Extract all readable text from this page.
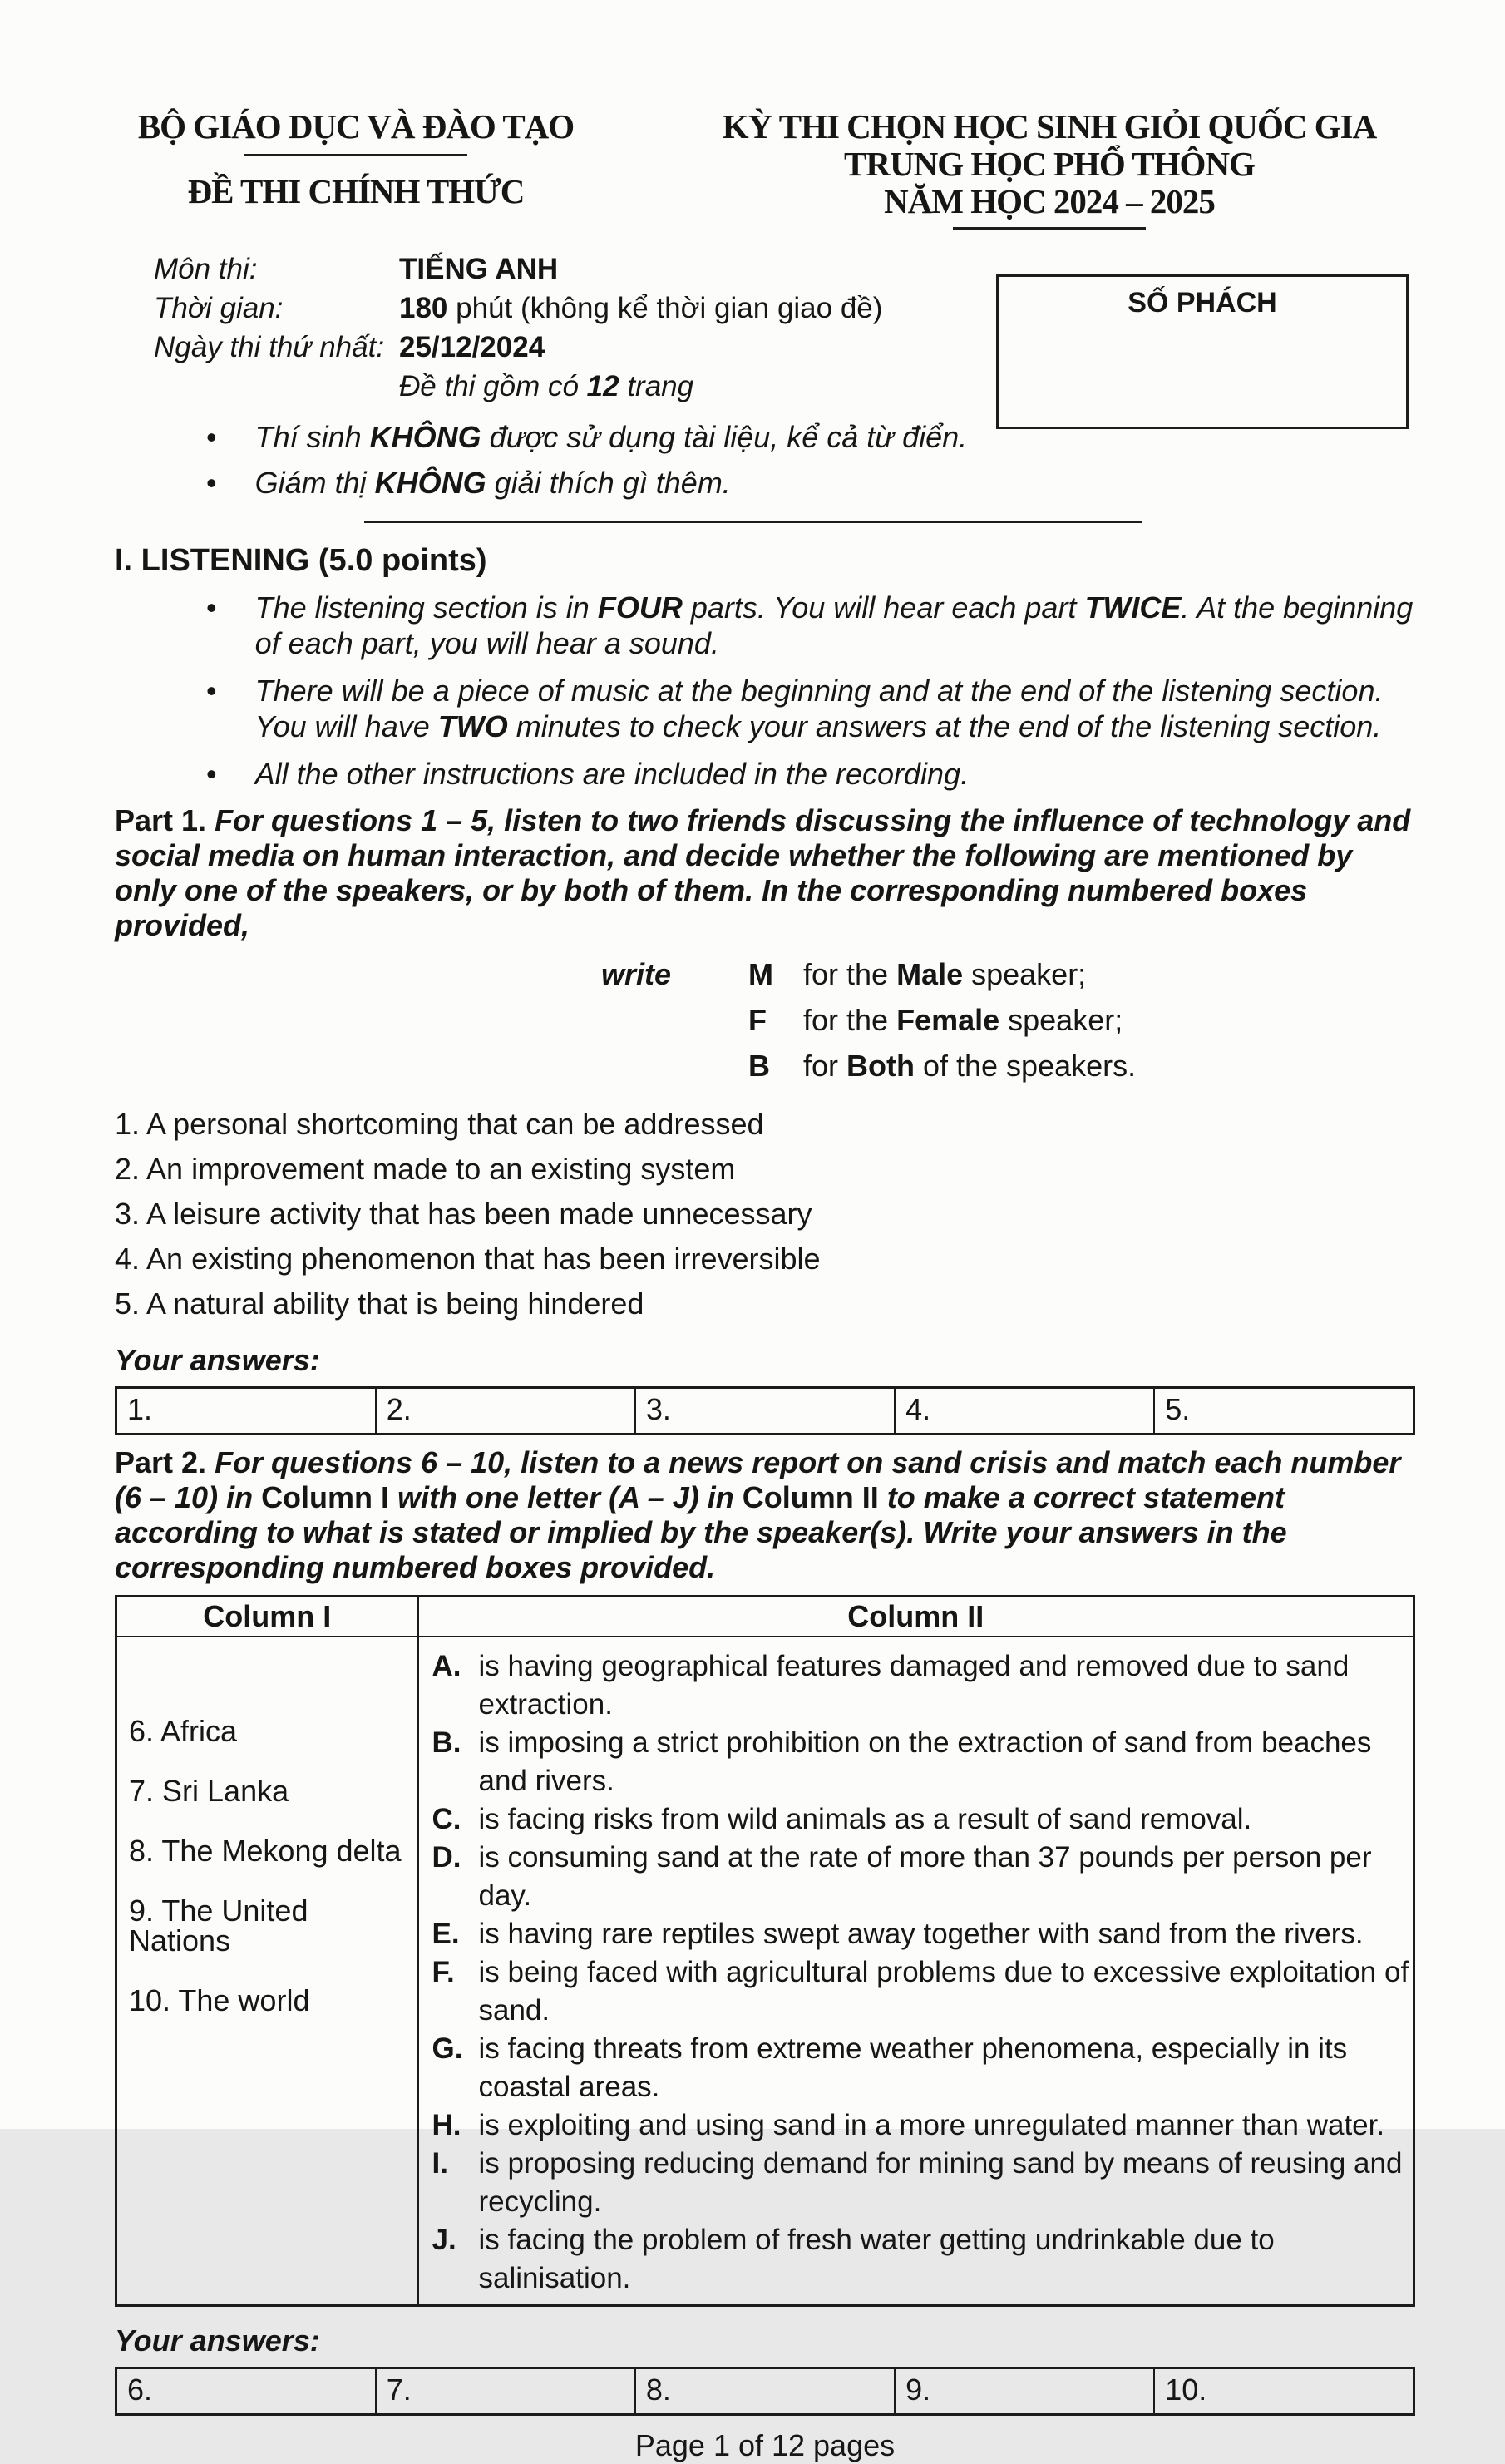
BỘ GIÁO DỤC VÀ ĐÀO TẠO
ĐỀ THI CHÍNH THỨC
KỲ THI CHỌN HỌC SINH GIỎI QUỐC GIA
TRUNG HỌC PHỔ THÔNG
NĂM HỌC 2024 – 2025
Môn thi:	TIẾNG ANH
Thời gian:	180 phút (không kể thời gian giao đề)
Ngày thi thứ nhất: 25/12/2024
Đề thi gồm có 12 trang
SỐ PHÁCH
•	Thí sinh KHÔNG được sử dụng tài liệu, kể cả từ điển.
•	Giám thị KHÔNG giải thích gì thêm.
I. LISTENING (5.0 points)
•	The listening section is in FOUR parts. You will hear each part TWICE. At the beginning of each part, you will hear a sound.
•	There will be a piece of music at the beginning and at the end of the listening section. You will have TWO minutes to check your answers at the end of the listening section.
•	All the other instructions are included in the recording.
Part 1. For questions 1 – 5, listen to two friends discussing the influence of technology and social media on human interaction, and decide whether the following are mentioned by only one of the speakers, or by both of them. In the corresponding numbered boxes provided,
write	M	for the Male speaker;
F	for the Female speaker;
B	for Both of the speakers.
1. A personal shortcoming that can be addressed
2. An improvement made to an existing system
3. A leisure activity that has been made unnecessary
4. An existing phenomenon that has been irreversible
5. A natural ability that is being hindered
Your answers:
1.	2.	3.	4.	5.
Part 2. For questions 6 – 10, listen to a news report on sand crisis and match each number (6 – 10) in Column I with one letter (A – J) in Column II to make a correct statement according to what is stated or implied by the speaker(s). Write your answers in the corresponding numbered boxes provided.
Column I	Column II

6. Africa
7. Sri Lanka
8. The Mekong delta
9. The United Nations
10. The world

A. is having geographical features damaged and removed due to sand extraction.
B. is imposing a strict prohibition on the extraction of sand from beaches and rivers.
C. is facing risks from wild animals as a result of sand removal.
D. is consuming sand at the rate of more than 37 pounds per person per day.
E. is having rare reptiles swept away together with sand from the rivers.
F. is being faced with agricultural problems due to excessive exploitation of sand.
G. is facing threats from extreme weather phenomena, especially in its coastal areas.
H. is exploiting and using sand in a more unregulated manner than water.
I.	is proposing reducing demand for mining sand by means of reusing and recycling.
J. is facing the problem of fresh water getting undrinkable due to salinisation.
Your answers:
6.	7.	8.	9.	10.
Page 1 of 12 pages
